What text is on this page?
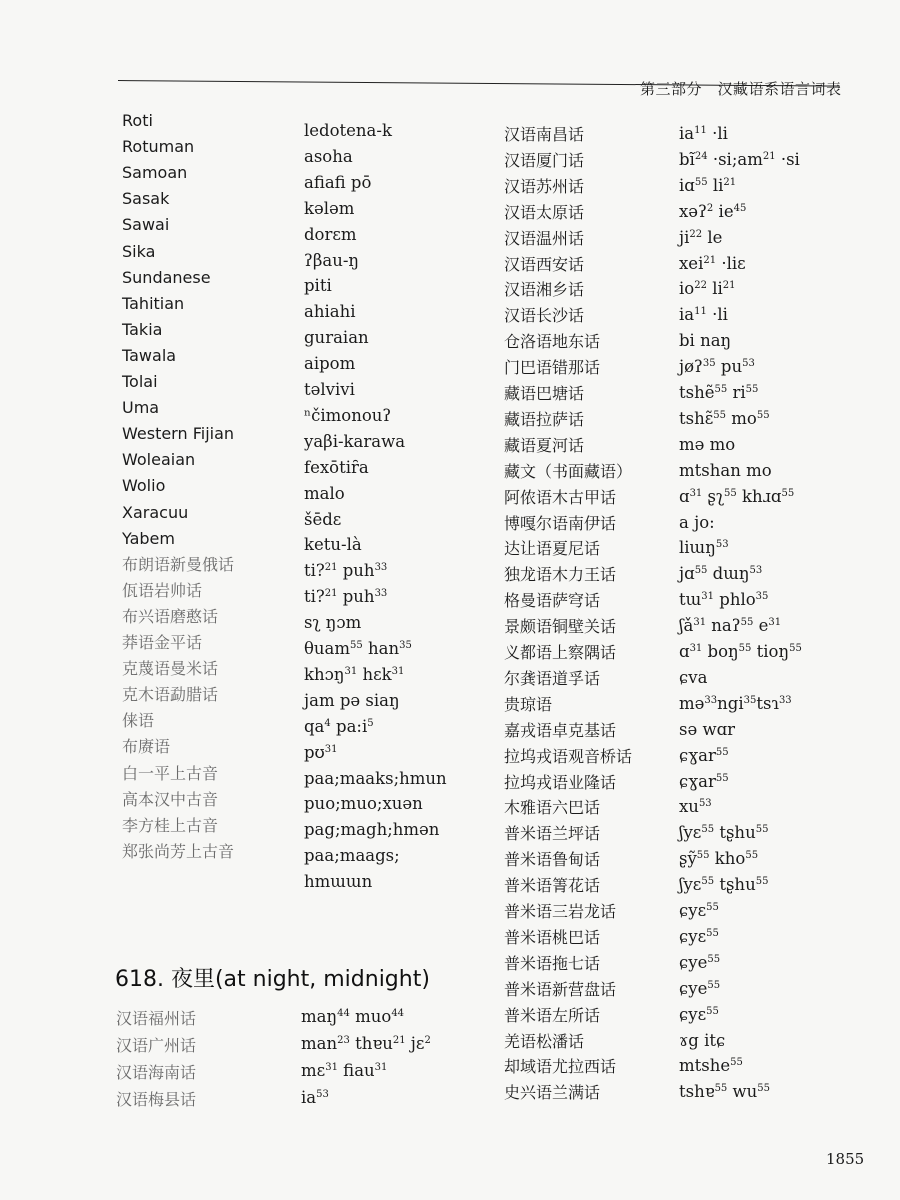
第三部分　汉藏语系语言词表
Roti
Rotuman
Samoan
Sasak
Sawai
Sika
Sundanese
Tahitian
Takia
Tawala
Tolai
Uma
Western Fijian
Woleaian
Wolio
Xaracuu
Yabem
布朗语新曼俄话
佤语岩帅话
布兴语磨憨话
莽语金平话
克蔑语曼米话
克木语勐腊话
俫语
布赓语
白一平上古音
高本汉中古音
李方桂上古音
郑张尚芳上古音
ledotena-k
asoha
afiafi pō
kələm
dorɛm
ʔβau-ŋ
piti
ahiahi
guraian
aipom
təlvivi
ⁿčimonouʔ
yaβi-karawa
fexōtiȓa
malo
šēdɛ
ketu-là
ti?$^{21}$ puh$^{33}$
ti?$^{21}$ puh$^{33}$
sʅ ŋɔm
θuam$^{55}$ han$^{35}$
khɔŋ$^{31}$ hɛk$^{31}$
jam pə siaŋ
$qa^4$ $pa:i^5$
pʊ$^{31}$
paa;maaks;hmun
puo;muo;xuən
pag;magh;hmən
paa;maags;
hmɯɯn
汉语南昌话
汉语厦门话
汉语苏州话
汉语太原话
汉语温州话
汉语西安话
汉语湘乡话
汉语长沙话
仓洛语地东话
门巴语错那话
藏语巴塘话
藏语拉萨话
藏语夏河话
藏文（书面藏语）
阿侬语木古甲话
博嘎尔语南伊话
达让语夏尼话
独龙语木力王话
格曼语萨穹话
景颇语铜壁关话
义都语上察隅话
尔龚语道孚话
贵琼语
嘉戎语卓克基话
拉坞戎语观音桥话
拉坞戎语业隆话
木雅语六巴话
普米语兰坪话
普米语鲁甸话
普米语箐花话
普米语三岩龙话
普米语桃巴话
普米语拖七话
普米语新营盘话
普米语左所话
羌语松潘话
却域语尤拉西话
史兴语兰满话
$ia^{11} \cdot li$
$bĩ^{24}$ $\cdot si;am^{21} \cdot si$
iɑ$^{55}$ $li^{21}$
xəʔ$^2$ $ie^{45}$
$ji^{22}$ le
xei$^{21}$ ·liɛ
$io^{22}$ $li^{21}$
$ia^{11} \cdot li$
bi naŋ
jøʔ$^{35}$ $pu^{53}$
tshẽ$^{55}$ $ri^{55}$
tshɛ̃$^{55}$ $mo^{55}$
mə mo
mtshan mo
ɑ$^{31}$ ʂʅ$^{55}$ khɹɑ$^{55}$
a jo:
liɯŋ$^{53}$
jɑ$^{55}$ dɯŋ$^{53}$
tɯ$^{31}$ phlo$^{35}$
ʃǎ$^{31}$ naʔ$^{55}$ $e^{31}$
ɑ$^{31}$ boŋ$^{55}$ tioŋ$^{55}$
ɕva
mə$^{33}$ngi$^{35}$tsɿ$^{33}$
sə wɑr
ɕɣar$^{55}$
ɕɣar$^{55}$
$xu^{53}$
ʃyɛ$^{55}$ tʂhu$^{55}$
ʂỹ$^{55}$ kho$^{55}$
ʃyɛ$^{55}$ tʂhu$^{55}$
ɕyɛ$^{55}$
ɕyɛ$^{55}$
ɕye$^{55}$
ɕye$^{55}$
ɕyɛ$^{55}$
ɤg itɕ
mtshe$^{55}$
tshɐ$^{55}$ $wu^{55}$
618. 夜里(at night, midnight)
汉语福州话
汉语广州话
汉语海南话
汉语梅县话
maŋ$^{44}$ muo$^{44}$
man$^{23}$ thɐu$^{21}$ jɛ$^2$
mɛ$^{31}$ fiau$^{31}$
$ia^{53}$
1855
